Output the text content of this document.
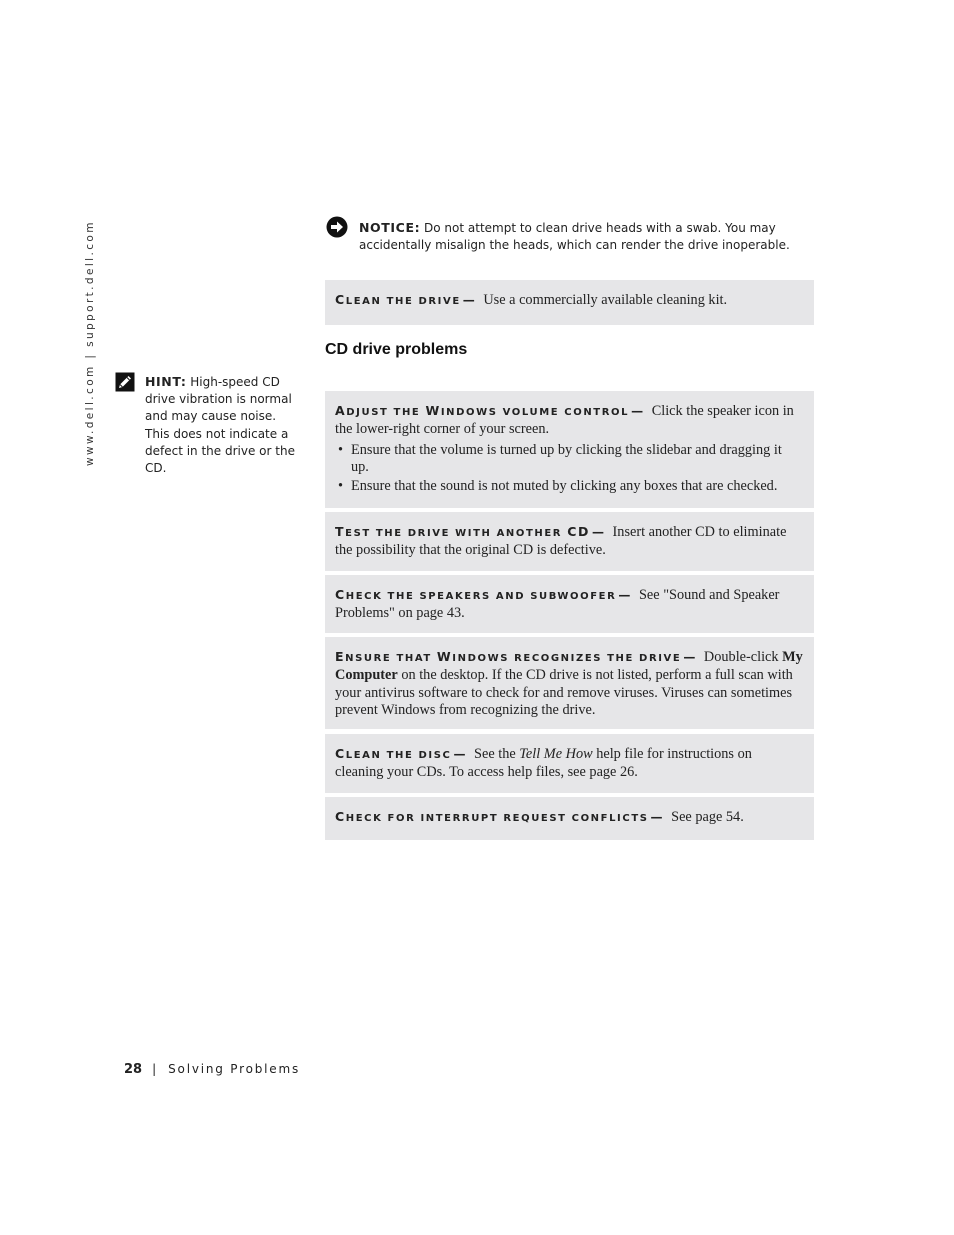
www.dell.com | support.dell.com	NOTICE: Do not attempt to clean drive heads with a swab. You may accidentally misalign the heads, which can render the drive inoperable.
HINT: High-speed CD drive vibration is normal and may cause noise. This does not indicate a defect in the drive or the CD.
CLEAN THE DRIVE — Use a commercially available cleaning kit.
CD drive problems
ADJUST THE WINDOWS VOLUME CONTROL — Click the speaker icon in the lower-right corner of your screen.
• Ensure that the volume is turned up by clicking the slidebar and dragging it up.
• Ensure that the sound is not muted by clicking any boxes that are checked.
TEST THE DRIVE WITH ANOTHER CD — Insert another CD to eliminate the possibility that the original CD is defective.
CHECK THE SPEAKERS AND SUBWOOFER — See "Sound and Speaker Problems" on page 43.
ENSURE THAT WINDOWS RECOGNIZES THE DRIVE — Double-click My Computer on the desktop. If the CD drive is not listed, perform a full scan with your antivirus software to check for and remove viruses. Viruses can sometimes prevent Windows from recognizing the drive.
CLEAN THE DISC — See the Tell Me How help file for instructions on cleaning your CDs. To access help files, see page 26.
CHECK FOR INTERRUPT REQUEST CONFLICTS — See page 54.
28 | Solving Problems
